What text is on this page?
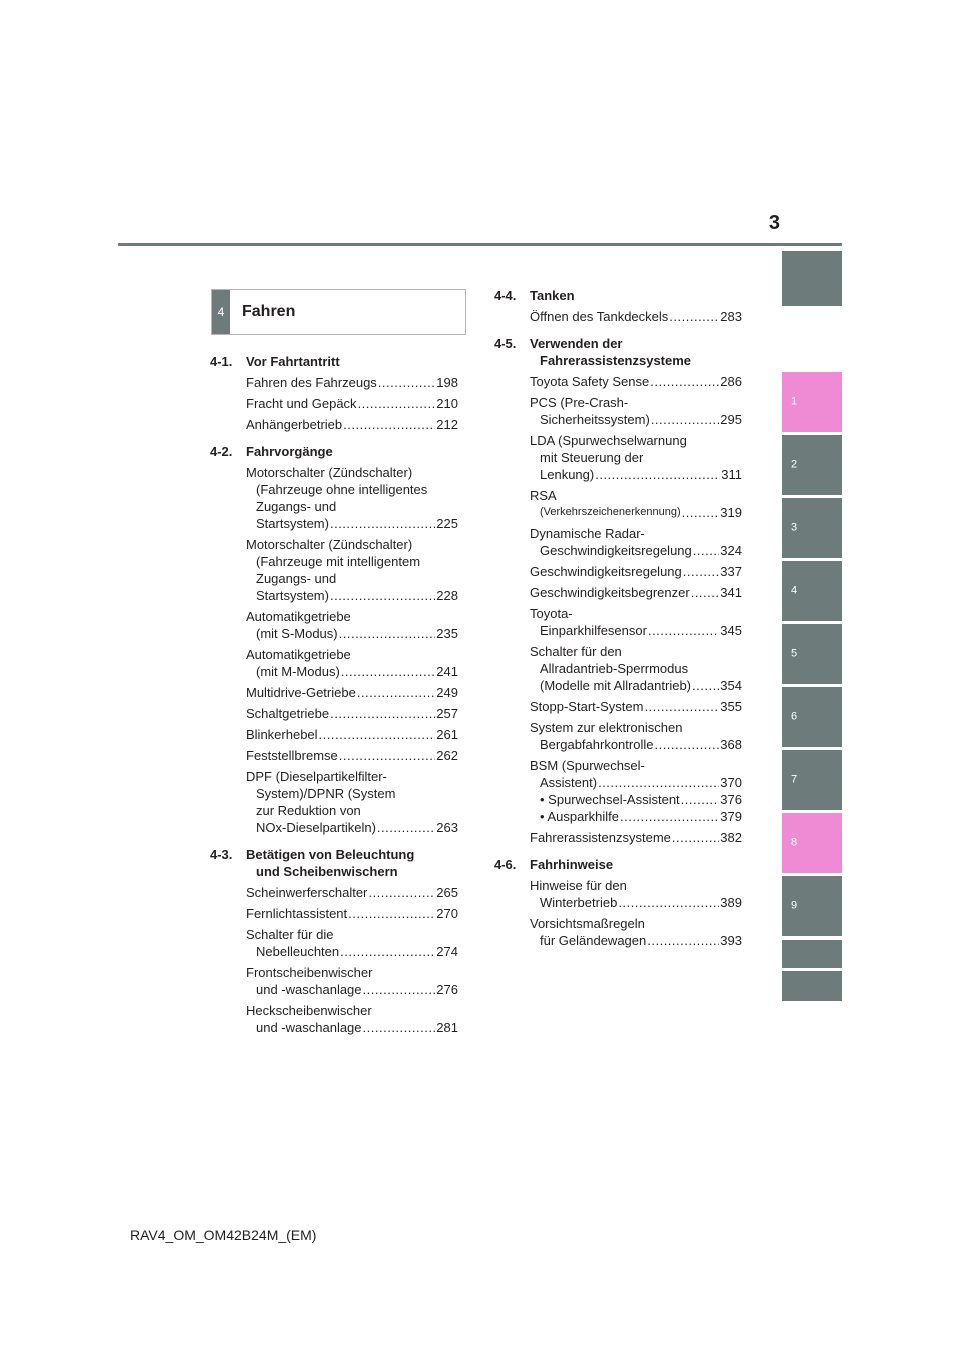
3
1
2
3
4
5
6
7
8
9
4	Fahren
4-1.	Vor Fahrtantritt
Fahren des Fahrzeugs .....	198
Fracht und Gepäck .....	210
Anhängerbetrieb .....	212
4-2.	Fahrvorgänge
Motorschalter (Zündschalter)
(Fahrzeuge ohne intelligentes
Zugangs- und
Startsystem) .....	225
Motorschalter (Zündschalter)
(Fahrzeuge mit intelligentem
Zugangs- und
Startsystem) .....	228
Automatikgetriebe
(mit S-Modus) .....	235
Automatikgetriebe
(mit M-Modus) .....	241
Multidrive-Getriebe .....	249
Schaltgetriebe .....	257
Blinkerhebel .....	261
Feststellbremse .....	262
DPF (Dieselpartikelfilter-
System)/DPNR (System
zur Reduktion von
NOx-Dieselpartikeln) .....	263
4-3.	Betätigen von Beleuchtung
und Scheibenwischern
Scheinwerferschalter .....	265
Fernlichtassistent .....	270
Schalter für die
Nebelleuchten .....	274
Frontscheibenwischer
und -waschanlage .....	276
Heckscheibenwischer
und -waschanlage .....	281
4-4.	Tanken
Öffnen des Tankdeckels .....	283
4-5.	Verwenden der
Fahrerassistenzsysteme
Toyota Safety Sense .....	286
PCS (Pre-Crash-
Sicherheitssystem) .....	295
LDA (Spurwechselwarnung
mit Steuerung der
Lenkung) .....	311
RSA
(Verkehrszeichenerkennung) .....	319
Dynamische Radar-
Geschwindigkeitsregelung ..... 324
Geschwindigkeitsregelung .....	337
Geschwindigkeitsbegrenzer ..... 341
Toyota-
Einparkhilfesensor .....	345
Schalter für den
Allradantrieb-Sperrmodus
(Modelle mit Allradantrieb) ..... 354
Stopp-Start-System .....	355
System zur elektronischen
Bergabfahrkontrolle .....	368
BSM (Spurwechsel-
Assistent) .....	370
• Spurwechsel-Assistent .....	376
• Ausparkhilfe .....	379
Fahrerassistenzsysteme .....	382
4-6.	Fahrhinweise
Hinweise für den
Winterbetrieb .....	389
Vorsichtsmaßregeln
für Geländewagen .....	393
RAV4_OM_OM42B24M_(EM)
